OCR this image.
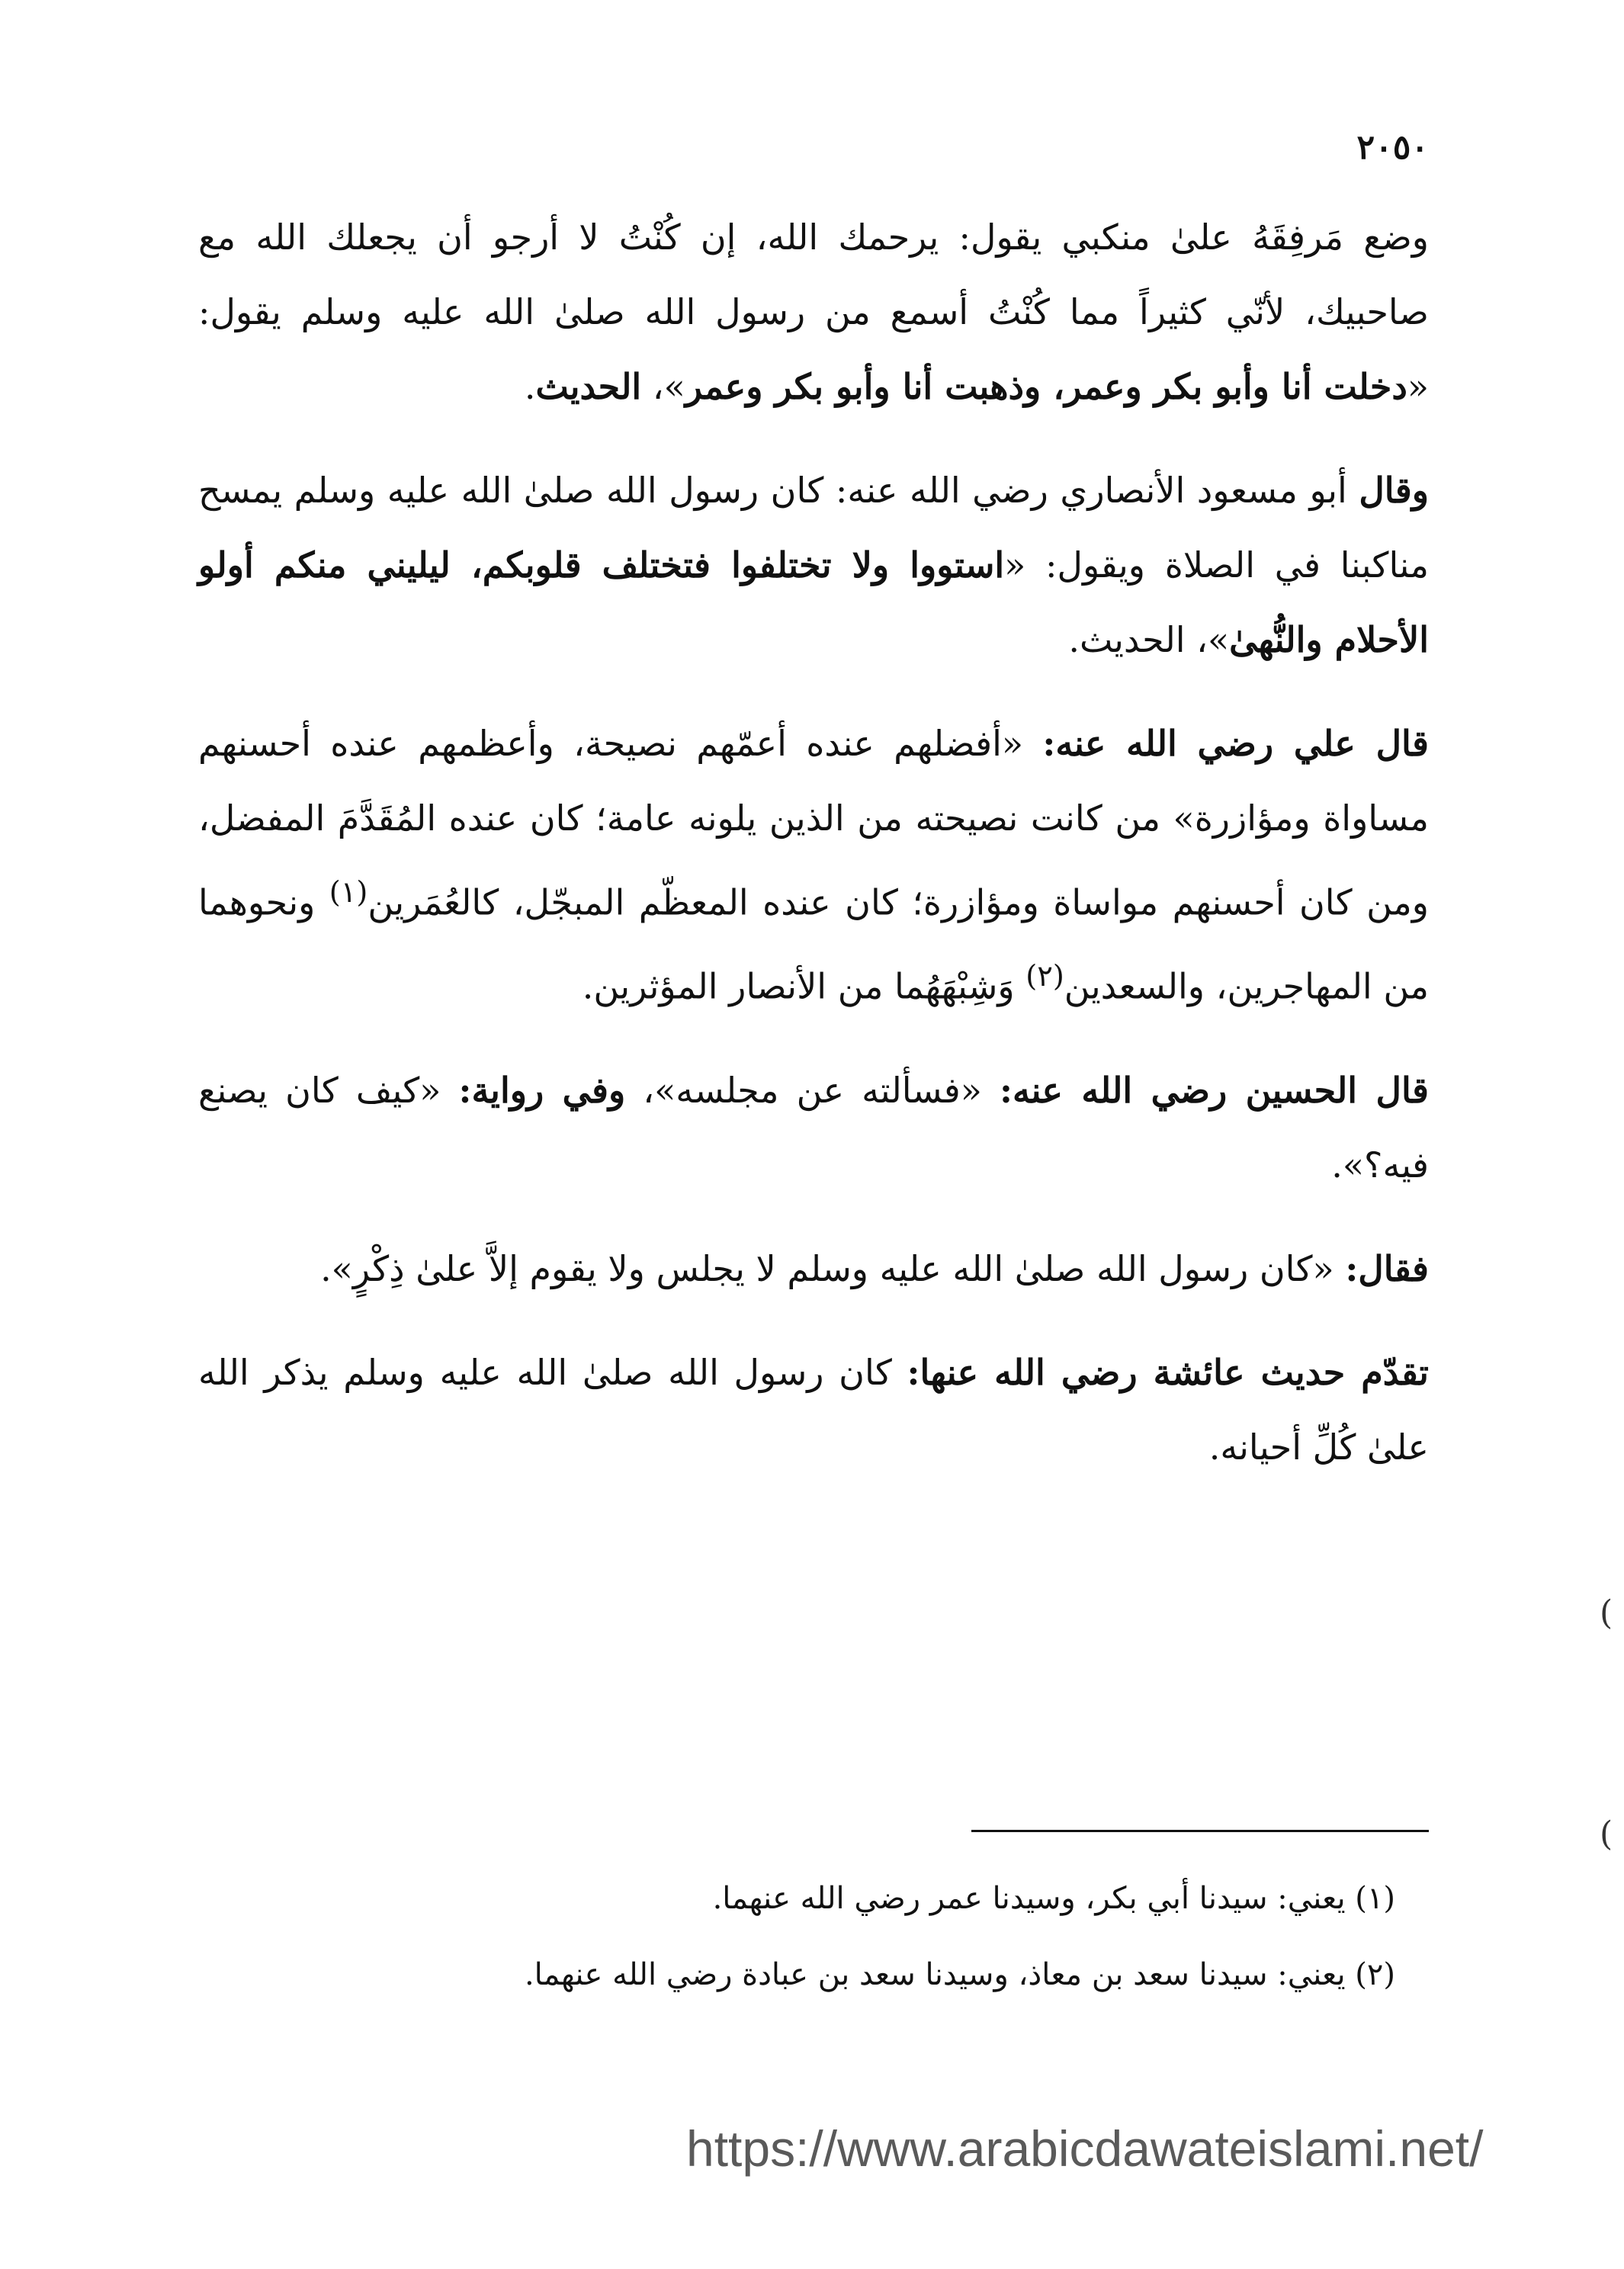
٢٠٥٠

وضع مَرفِقَهُ علىٰ منكبي يقول: يرحمك الله، إن كُنْتُ لا أرجو أن يجعلك الله مع صاحبيك، لأنّي كثيراً مما كُنْتُ أسمع من رسول الله صلىٰ الله عليه وسلم يقول: «دخلت أنا وأبو بكر وعمر، وذهبت أنا وأبو بكر وعمر»، الحديث.

وقال أبو مسعود الأنصاري رضي الله عنه: كان رسول الله صلىٰ الله عليه وسلم يمسح مناكبنا في الصلاة ويقول: «استووا ولا تختلفوا فتختلف قلوبكم، ليليني منكم أولو الأحلام والنُّهىٰ»، الحديث.

قال علي رضي الله عنه: «أفضلهم عنده أعمّهم نصيحة، وأعظمهم عنده أحسنهم مساواة ومؤازرة» من كانت نصيحته من الذين يلونه عامة؛ كان عنده المُقَدَّمَ المفضل، ومن كان أحسنهم مواساة ومؤازرة؛ كان عنده المعظّم المبجّل، كالعُمَرين$^{(١)}$ ونحوهما من المهاجرين، والسعدين$^{(٢)}$ وَشِبْهَهُما من الأنصار المؤثرين.

قال الحسين رضي الله عنه: «فسألته عن مجلسه»، وفي رواية: «كيف كان يصنع فيه؟».

فقال: «كان رسول الله صلىٰ الله عليه وسلم لا يجلس ولا يقوم إلاَّ علىٰ ذِكْرٍ».

تقدّم حديث عائشة رضي الله عنها: كان رسول الله صلىٰ الله عليه وسلم يذكر الله علىٰ كُلِّ أحيانه.

(١) يعني: سيدنا أبي بكر، وسيدنا عمر رضي الله عنهما.

(٢) يعني: سيدنا سعد بن معاذ، وسيدنا سعد بن عبادة رضي الله عنهما.

https://www.arabicdawateislami.net/
(
(
